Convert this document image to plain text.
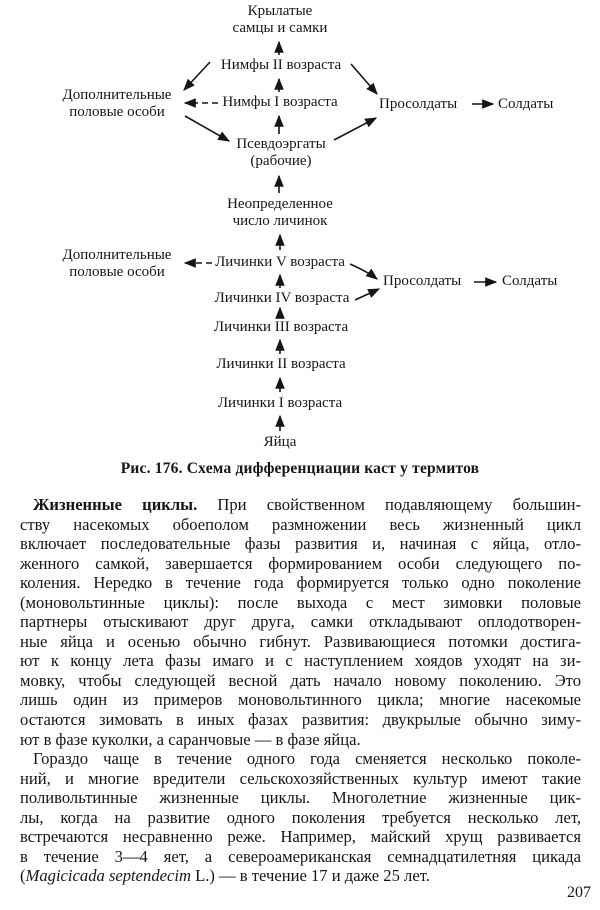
Крылатые
самцы и самки
Нимфы II возраста
Дополнительные
половые особи
Нимфы I возраста	Просолдаты	Солдаты
Псевдоэргаты
(рабочие)
Неопределенное
число личинок
Дополнительные
половые особи
Личинки V возраста
Просолдаты	Солдаты
Личинки IV возраста
Личинки III возраста
Личинки II возраста
Личинки I возраста
Яйца
Рис. 176. Схема дифференциации каст у термитов
Жизненные циклы. При свойственном подавляющему большин-
ству насекомых обоеполом размножении весь жизненный цикл
включает последовательные фазы развития и, начиная с яйца, отло-
женного самкой, завершается формированием особи следующего по-
коления. Нередко в течение года формируется только одно поколение
(моновольтинные циклы): после выхода с мест зимовки половые
партнеры отыскивают друг друга, самки откладывают оплодотворен-
ные яйца и осенью обычно гибнут. Развивающиеся потомки достига-
ют к концу лета фазы имаго и с наступлением хоядов уходят на зи-
мовку, чтобы следующей весной дать начало новому поколению. Это
лишь один из примеров моновольтинного цикла; многие насекомые
остаются зимовать в иных фазах развития: двукрылые обычно зиму-
ют в фазе куколки, а саранчовые — в фазе яйца.
Гораздо чаще в течение одного года сменяется несколько поколе-
ний, и многие вредители сельскохозяйственных культур имеют такие
поливольтинные жизненные циклы. Многолетние жизненные цик-
лы, когда на развитие одного поколения требуется несколько лет,
встречаются несравненно реже. Например, майский хрущ развивается
в течение 3—4 яет, а североамериканская семнадцатилетняя цикада
(Magicicada septendecim L.) — в течение 17 и даже 25 лет.
207
